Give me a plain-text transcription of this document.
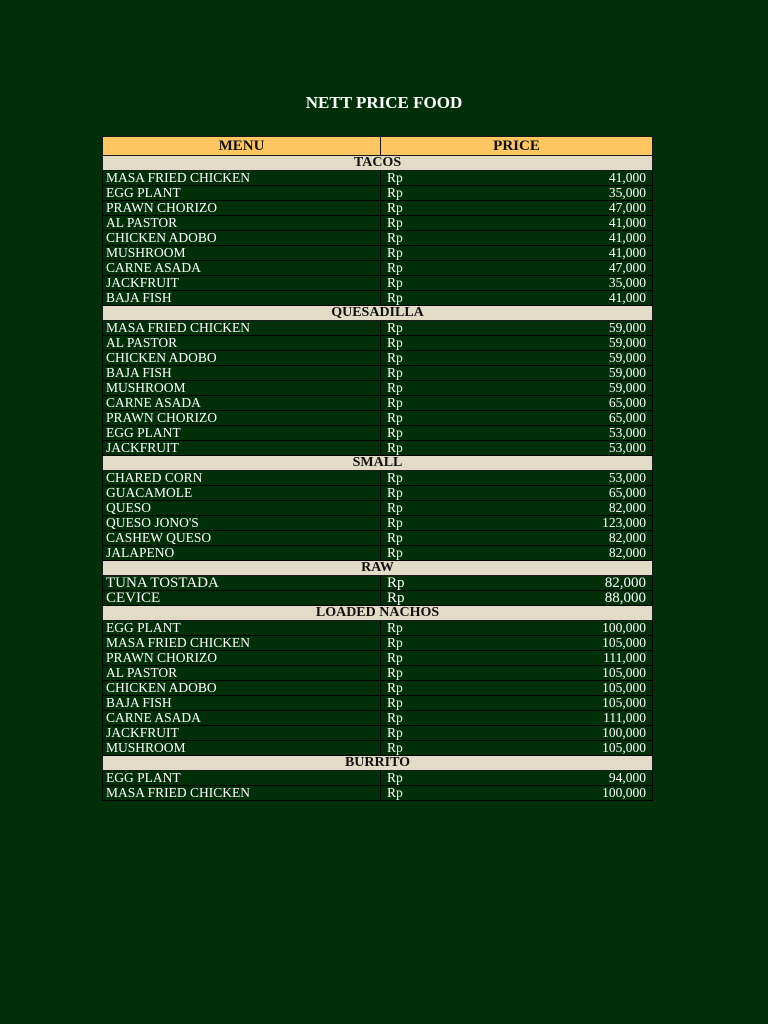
NETT PRICE FOOD
MENU	PRICE	
TACOS		
MASA FRIED CHICKEN	Rp	41,000
EGG PLANT	Rp	35,000
PRAWN CHORIZO	Rp	47,000
AL PASTOR	Rp	41,000
CHICKEN ADOBO	Rp	41,000
MUSHROOM	Rp	41,000
CARNE ASADA	Rp	47,000
JACKFRUIT	Rp	35,000
BAJA FISH	Rp	41,000
QUESADILLA		
MASA FRIED CHICKEN	Rp	59,000
AL PASTOR	Rp	59,000
CHICKEN ADOBO	Rp	59,000
BAJA FISH	Rp	59,000
MUSHROOM	Rp	59,000
CARNE ASADA	Rp	65,000
PRAWN CHORIZO	Rp	65,000
EGG PLANT	Rp	53,000
JACKFRUIT	Rp	53,000
SMALL		
CHARED CORN	Rp	53,000
GUACAMOLE	Rp	65,000
QUESO	Rp	82,000
QUESO JONO'S	Rp	123,000
CASHEW QUESO	Rp	82,000
JALAPENO	Rp	82,000
RAW		
TUNA TOSTADA	Rp	82,000
CEVICE	Rp	88,000
LOADED NACHOS		
EGG PLANT	Rp	100,000
MASA FRIED CHICKEN	Rp	105,000
PRAWN CHORIZO	Rp	111,000
AL PASTOR	Rp	105,000
CHICKEN ADOBO	Rp	105,000
BAJA FISH	Rp	105,000
CARNE ASADA	Rp	111,000
JACKFRUIT	Rp	100,000
MUSHROOM	Rp	105,000
BURRITO		
EGG PLANT	Rp	94,000
MASA FRIED CHICKEN	Rp	100,000
